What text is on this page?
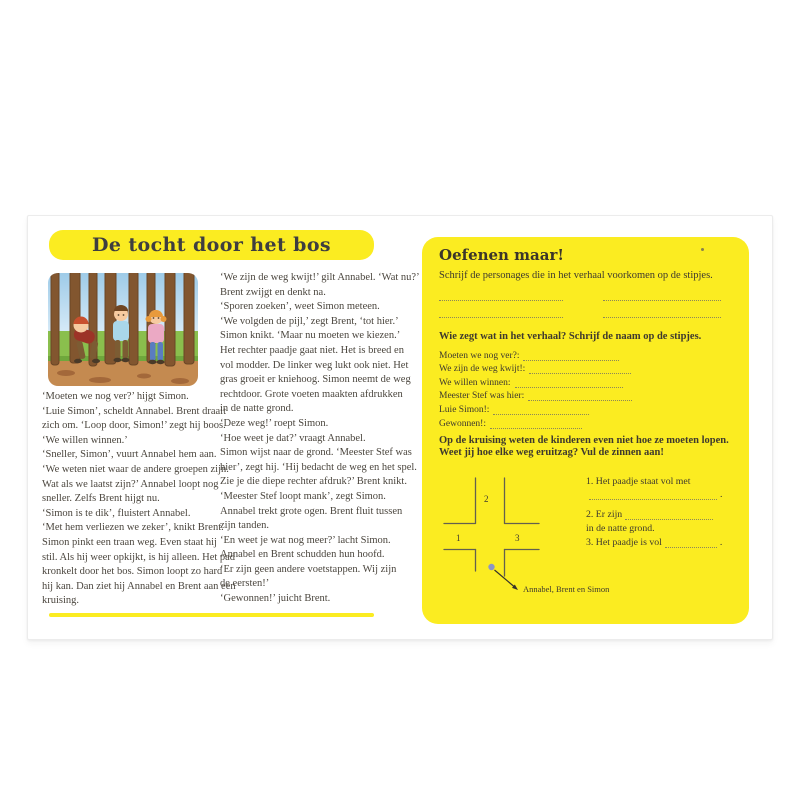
De tocht door het bos
‘Moeten we nog ver?’ hijgt Simon.
‘Luie Simon’, scheldt Annabel. Brent draait
zich om. ‘Loop door, Simon!’ zegt hij boos.
‘We willen winnen.’
‘Sneller, Simon’, vuurt Annabel hem aan.
‘We weten niet waar de andere groepen zijn.
Wat als we laatst zijn?’ Annabel loopt nog
sneller. Zelfs Brent hijgt nu.
‘Simon is te dik’, fluistert Annabel.
‘Met hem verliezen we zeker’, knikt Brent.
Simon pinkt een traan weg. Even staat hij
stil. Als hij weer opkijkt, is hij alleen. Het pad
kronkelt door het bos. Simon loopt zo hard
hij kan. Dan ziet hij Annabel en Brent aan een
kruising.
‘We zijn de weg kwijt!’ gilt Annabel. ‘Wat nu?’
Brent zwijgt en denkt na.
‘Sporen zoeken’, weet Simon meteen.
‘We volgden de pijl,’ zegt Brent, ‘tot hier.’
Simon knikt. ‘Maar nu moeten we kiezen.’
Het rechter paadje gaat niet. Het is breed en
vol modder. De linker weg lukt ook niet. Het
gras groeit er kniehoog. Simon neemt de weg
rechtdoor. Grote voeten maakten afdrukken
in de natte grond.
‘Deze weg!’ roept Simon.
‘Hoe weet je dat?’ vraagt Annabel.
Simon wijst naar de grond. ‘Meester Stef was
hier’, zegt hij. ‘Hij bedacht de weg en het spel.
Zie je die diepe rechter afdruk?’ Brent knikt.
‘Meester Stef loopt mank’, zegt Simon.
Annabel trekt grote ogen. Brent fluit tussen
zijn tanden.
‘En weet je wat nog meer?’ lacht Simon.
Annabel en Brent schudden hun hoofd.
‘Er zijn geen andere voetstappen. Wij zijn
de eersten!’
‘Gewonnen!’ juicht Brent.
Oefenen maar!
Schrijf de personages die in het verhaal voorkomen op de stipjes.
Wie zegt wat in het verhaal? Schrijf de naam op de stipjes.
Moeten we nog ver?:
We zijn de weg kwijt!:
We willen winnen:
Meester Stef was hier:
Luie Simon!:
Gewonnen!:
Op de kruising weten de kinderen even niet hoe ze moeten lopen. Weet jij hoe elke weg eruitzag? Vul de zinnen aan!
2
1	3
Annabel, Brent en Simon
1. Het paadje staat vol met
.
2. Er zijn
in de natte grond.
3. Het paadje is vol	.
